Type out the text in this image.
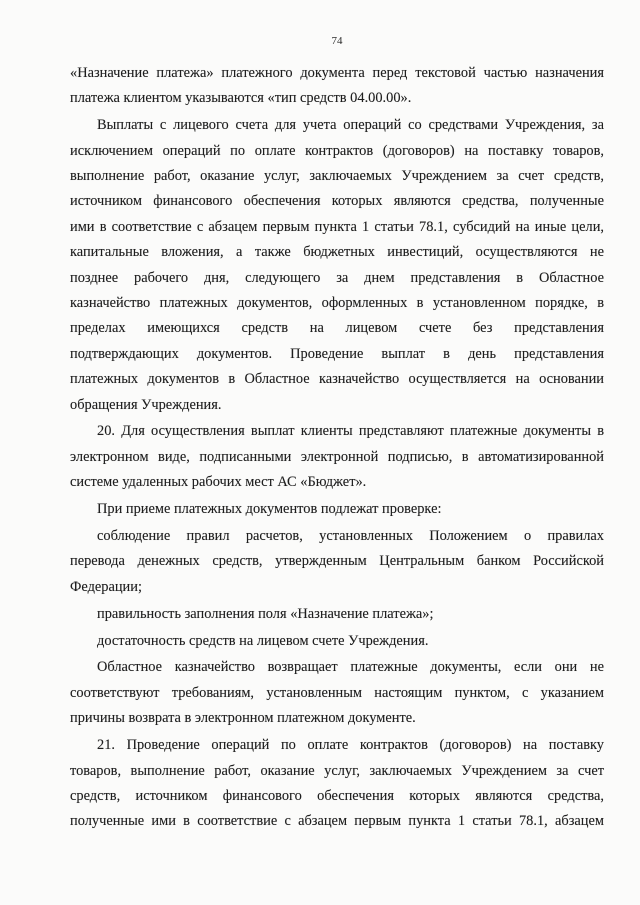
74
«Назначение платежа» платежного документа перед текстовой частью назначения
платежа клиентом указываются «тип средств 04.00.00».
Выплаты с лицевого счета для учета операций со средствами Учреждения, за
исключением операций по оплате контрактов (договоров) на поставку товаров,
выполнение работ, оказание услуг, заключаемых Учреждением за счет средств,
источником финансового обеспечения которых являются средства, полученные
ими в соответствие с абзацем первым пункта 1 статьи 78.1, субсидий на иные цели,
капитальные вложения, а также бюджетных инвестиций, осуществляются не
позднее рабочего дня, следующего за днем представления в Областное
казначейство платежных документов, оформленных в установленном порядке, в
пределах имеющихся средств на лицевом счете без представления
подтверждающих документов. Проведение выплат в день представления
платежных документов в Областное казначейство осуществляется на основании
обращения Учреждения.
20. Для осуществления выплат клиенты представляют платежные документы в
электронном виде, подписанными электронной подписью, в автоматизированной
системе удаленных рабочих мест АС «Бюджет».
При приеме платежных документов подлежат проверке:
соблюдение правил расчетов, установленных Положением о правилах
перевода денежных средств, утвержденным Центральным банком Российской
Федерации;
правильность заполнения поля «Назначение платежа»;
достаточность средств на лицевом счете Учреждения.
Областное казначейство возвращает платежные документы, если они не
соответствуют требованиям, установленным настоящим пунктом, с указанием
причины возврата в электронном платежном документе.
21. Проведение операций по оплате контрактов (договоров) на поставку
товаров, выполнение работ, оказание услуг, заключаемых Учреждением за счет
средств, источником финансового обеспечения которых являются средства,
полученные ими в соответствие с абзацем первым пункта 1 статьи 78.1, абзацем
